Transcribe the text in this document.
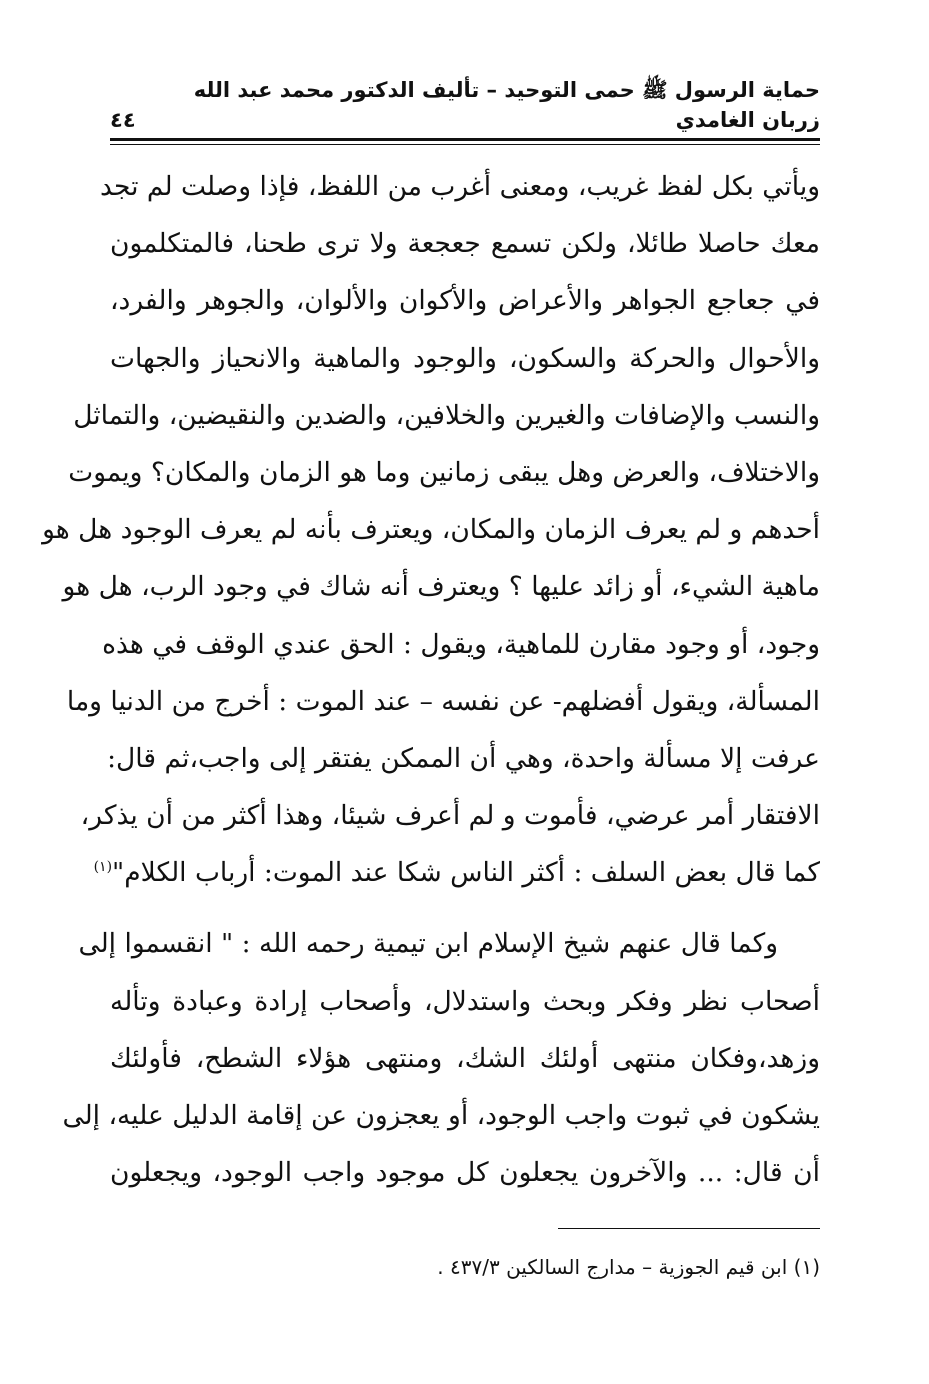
حماية الرسول ﷺ حمى التوحيد – تأليف الدكتور محمد عبد الله زربان الغامدي
٤٤
ويأتي بكل لفظ غريب، ومعنى أغرب من اللفظ، فإذا وصلت لم تجد
معك حاصلا طائلا، ولكن تسمع جعجعة ولا ترى طحنا، فالمتكلمون
في جعاجع الجواهر والأعراض والأكوان والألوان، والجوهر والفرد،
والأحوال والحركة والسكون، والوجود والماهية والانحياز والجهات
والنسب والإضافات والغيرين والخلافين، والضدين والنقيضين، والتماثل
والاختلاف، والعرض وهل يبقى زمانين وما هو الزمان والمكان؟ ويموت
أحدهم و لم يعرف الزمان والمكان، ويعترف بأنه لم يعرف الوجود هل هو
ماهية الشيء، أو زائد عليها ؟ ويعترف أنه شاك في وجود الرب، هل هو
وجود، أو وجود مقارن للماهية، ويقول : الحق عندي الوقف في هذه
المسألة، ويقول أفضلهم- عن نفسه – عند الموت : أخرج من الدنيا وما
عرفت إلا مسألة واحدة، وهي أن الممكن يفتقر إلى واجب،ثم قال:
الافتقار أمر عرضي، فأموت و لم أعرف شيئا، وهذا أكثر من أن يذكر،
كما قال بعض السلف : أكثر الناس شكا عند الموت: أرباب الكلام"$^{(١)}$
وكما قال عنهم شيخ الإسلام ابن تيمية رحمه الله : " انقسموا إلى
أصحاب نظر وفكر وبحث واستدلال، وأصحاب إرادة وعبادة وتأله
وزهد،وفكان منتهى أولئك الشك، ومنتهى هؤلاء الشطح، فأولئك
يشكون في ثبوت واجب الوجود، أو يعجزون عن إقامة الدليل عليه، إلى
أن قال: ... والآخرون يجعلون كل موجود واجب الوجود، ويجعلون
(١) ابن قيم الجوزية – مدارج السالكين ٤٣٧/٣ .
